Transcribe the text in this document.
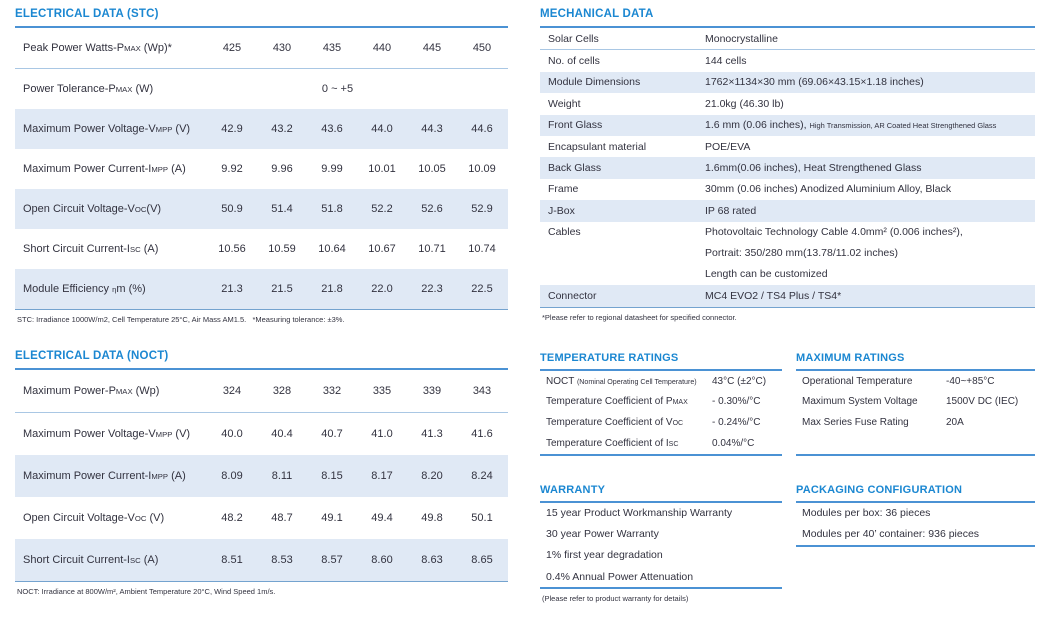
ELECTRICAL DATA (STC)
Peak Power Watts-PMAX (Wp)*	425	430	435	440	445	450
Power Tolerance-PMAX (W)	0 ~ +5
Maximum Power Voltage-VMPP (V)	42.9	43.2	43.6	44.0	44.3	44.6
Maximum Power Current-IMPP (A)	9.92	9.96	9.99	10.01	10.05	10.09
Open Circuit Voltage-VOC(V)	50.9	51.4	51.8	52.2	52.6	52.9
Short Circuit Current-ISC (A)	10.56	10.59	10.64	10.67	10.71	10.74
Module Efficiency ηm (%)	21.3	21.5	21.8	22.0	22.3	22.5
STC: Irradiance 1000W/m2, Cell Temperature 25°C, Air Mass AM1.5.   *Measuring tolerance: ±3%.
ELECTRICAL DATA (NOCT)
Maximum Power-PMAX (Wp)	324	328	332	335	339	343
Maximum Power Voltage-VMPP (V)	40.0	40.4	40.7	41.0	41.3	41.6
Maximum Power Current-IMPP (A)	8.09	8.11	8.15	8.17	8.20	8.24
Open Circuit Voltage-VOC (V)	48.2	48.7	49.1	49.4	49.8	50.1
Short Circuit Current-ISC (A)	8.51	8.53	8.57	8.60	8.63	8.65
NOCT: Irradiance at 800W/m², Ambient Temperature 20°C, Wind Speed 1m/s.
MECHANICAL DATA
Solar Cells	Monocrystalline
No. of cells	144 cells
Module Dimensions	1762×1134×30 mm (69.06×43.15×1.18 inches)
Weight	21.0kg (46.30 lb)
Front Glass	1.6 mm (0.06 inches), High Transmission, AR Coated Heat Strengthened Glass
Encapsulant material	POE/EVA
Back Glass	1.6mm(0.06 inches), Heat Strengthened Glass
Frame	30mm (0.06 inches) Anodized Aluminium Alloy, Black
J-Box	IP 68 rated
Cables	Photovoltaic Technology Cable 4.0mm² (0.006 inches²),
Portrait: 350/280 mm(13.78/11.02 inches)
Length can be customized
Connector	MC4 EVO2 / TS4 Plus / TS4*
*Please refer to regional datasheet for specified connector.
TEMPERATURE RATINGS
NOCT (Nominal Operating Cell Temperature)	43°C (±2°C)
Temperature Coefficient of PMAX	- 0.30%/°C
Temperature Coefficient of VOC	- 0.24%/°C
Temperature Coefficient of ISC	0.04%/°C
MAXIMUM RATINGS
Operational Temperature	-40~+85°C
Maximum System Voltage	1500V DC (IEC)
Max Series Fuse Rating	20A
WARRANTY
15 year Product Workmanship Warranty
30 year Power Warranty
1% first year degradation
0.4% Annual Power Attenuation
(Please refer to product warranty for details)
PACKAGING CONFIGURATION
Modules per box: 36 pieces
Modules per 40’ container: 936 pieces
